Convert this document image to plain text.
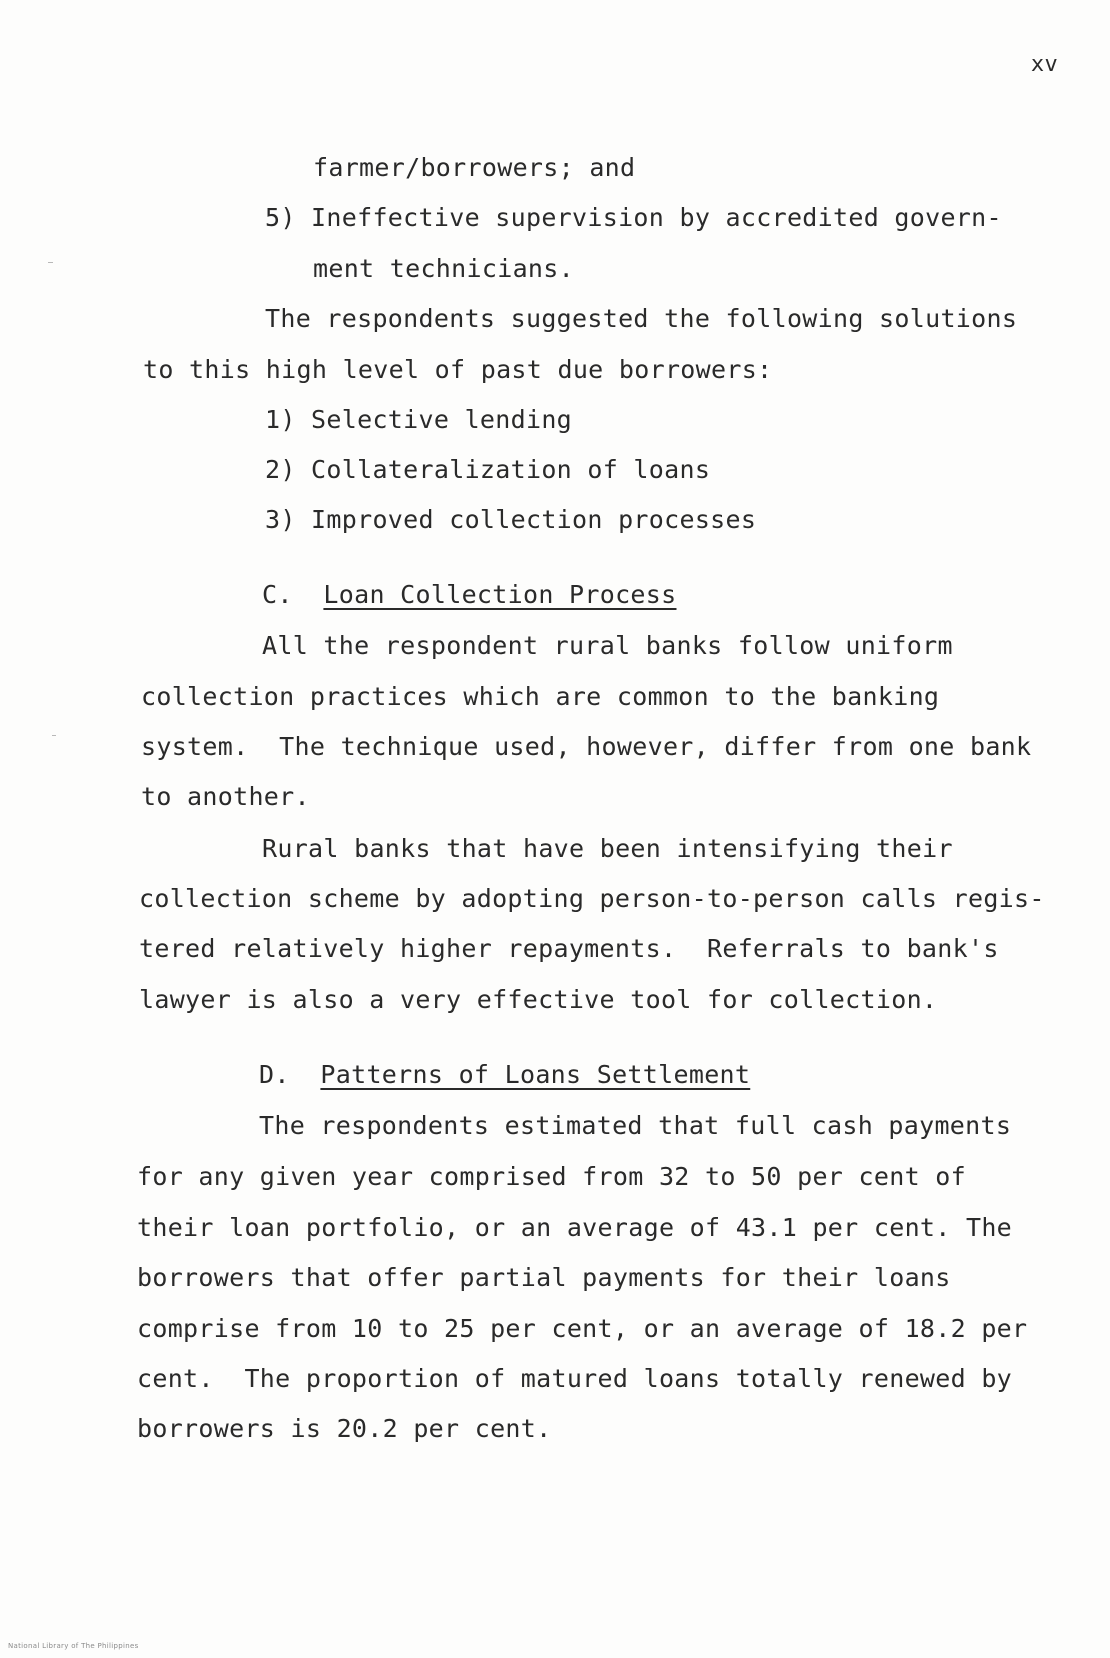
xv
farmer/borrowers; and
5) Ineffective supervision by accredited govern-
ment technicians.
The respondents suggested the following solutions
to this high level of past due borrowers:
1) Selective lending
2) Collateralization of loans
3) Improved collection processes
C. Loan Collection Process
All the respondent rural banks follow uniform
collection practices which are common to the banking
system.  The technique used, however, differ from one bank
to another.
Rural banks that have been intensifying their
collection scheme by adopting person-to-person calls regis-
tered relatively higher repayments.  Referrals to bank's
lawyer is also a very effective tool for collection.
D. Patterns of Loans Settlement
The respondents estimated that full cash payments
for any given year comprised from 32 to 50 per cent of
their loan portfolio, or an average of 43.1 per cent. The
borrowers that offer partial payments for their loans
comprise from 10 to 25 per cent, or an average of 18.2 per
cent.  The proportion of matured loans totally renewed by
borrowers is 20.2 per cent.
National Library of The Philippines
